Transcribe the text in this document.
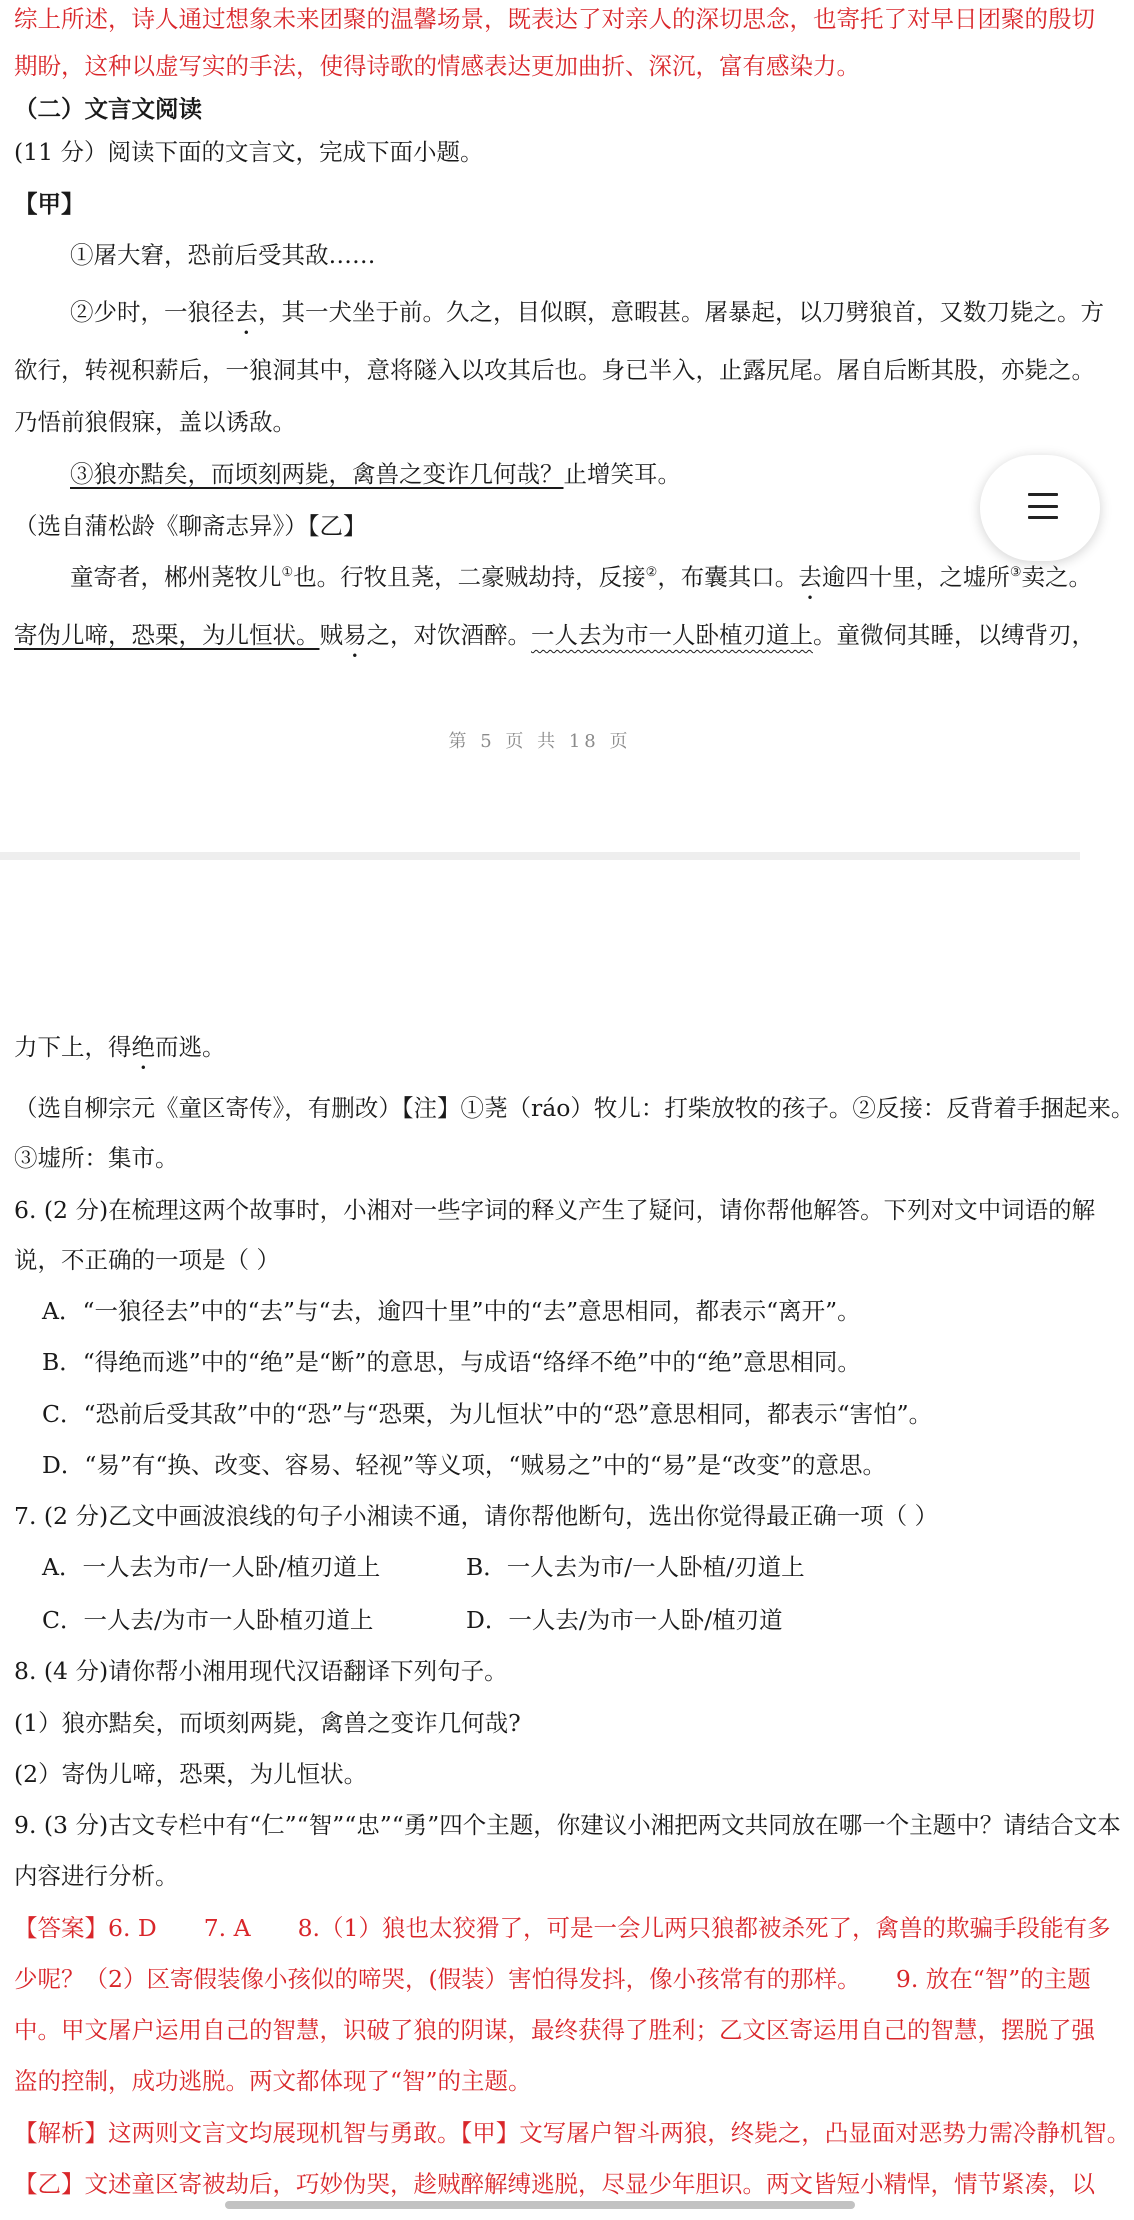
综上所述，诗人通过想象未来团聚的温馨场景，既表达了对亲人的深切思念，也寄托了对早日团聚的殷切
期盼，这种以虚写实的手法，使得诗歌的情感表达更加曲折、深沉，富有感染力。
（二）文言文阅读
(11 分）阅读下面的文言文，完成下面小题。
【甲】
①屠大窘，恐前后受其敌……
②少时，一狼径去，其一犬坐于前。久之，目似瞑，意暇甚。屠暴起，以刀劈狼首，又数刀毙之。方
欲行，转视积薪后，一狼洞其中，意将隧入以攻其后也。身已半入，止露尻尾。屠自后断其股，亦毙之。
乃悟前狼假寐，盖以诱敌。
③狼亦黠矣，而顷刻两毙，禽兽之变诈几何哉？止增笑耳。
（选自蒲松龄《聊斋志异》）【乙】
童寄者，郴州荛牧儿①也。行牧且荛，二豪贼劫持，反接②，布囊其口。去逾四十里，之墟所③卖之。
寄伪儿啼，恐栗，为儿恒状。贼易之，对饮酒醉。一人去为市一人卧植刃道上。童微伺其睡，以缚背刃，
第 5 页 共 18 页
力下上，得绝而逃。
（选自柳宗元《童区寄传》，有删改）【注】①荛（ráo）牧儿：打柴放牧的孩子。②反接：反背着手捆起来。
③墟所：集市。
6. (2 分)在梳理这两个故事时，小湘对一些字词的释义产生了疑问，请你帮他解答。下列对文中词语的解
说，不正确的一项是（ ）
A．“一狼径去”中的“去”与“去，逾四十里”中的“去”意思相同，都表示“离开”。
B．“得绝而逃”中的“绝”是“断”的意思，与成语“络绎不绝”中的“绝”意思相同。
C．“恐前后受其敌”中的“恐”与“恐栗，为儿恒状”中的“恐”意思相同，都表示“害怕”。
D．“易”有“换、改变、容易、轻视”等义项，“贼易之”中的“易”是“改变”的意思。
7. (2 分)乙文中画波浪线的句子小湘读不通，请你帮他断句，选出你觉得最正确一项（ ）
A．一人去为市/一人卧/植刃道上	B．一人去为市/一人卧植/刃道上
C．一人去/为市一人卧植刃道上	D．一人去/为市一人卧/植刃道
8. (4 分)请你帮小湘用现代汉语翻译下列句子。
(1）狼亦黠矣，而顷刻两毙，禽兽之变诈几何哉?
(2）寄伪儿啼，恐栗，为儿恒状。
9. (3 分)古文专栏中有“仁”“智”“忠”“勇”四个主题，你建议小湘把两文共同放在哪一个主题中？请结合文本
内容进行分析。
【答案】6. D　　7. A　　8.（1）狼也太狡猾了，可是一会儿两只狼都被杀死了，禽兽的欺骗手段能有多
少呢？（2）区寄假装像小孩似的啼哭，(假装）害怕得发抖，像小孩常有的那样。　　9. 放在“智”的主题
中。甲文屠户运用自己的智慧，识破了狼的阴谋，最终获得了胜利；乙文区寄运用自己的智慧，摆脱了强
盗的控制，成功逃脱。两文都体现了“智”的主题。
【解析】这两则文言文均展现机智与勇敢。【甲】文写屠户智斗两狼，终毙之，凸显面对恶势力需冷静机智。
【乙】文述童区寄被劫后，巧妙伪哭，趁贼醉解缚逃脱，尽显少年胆识。两文皆短小精悍，情节紧凑，以
